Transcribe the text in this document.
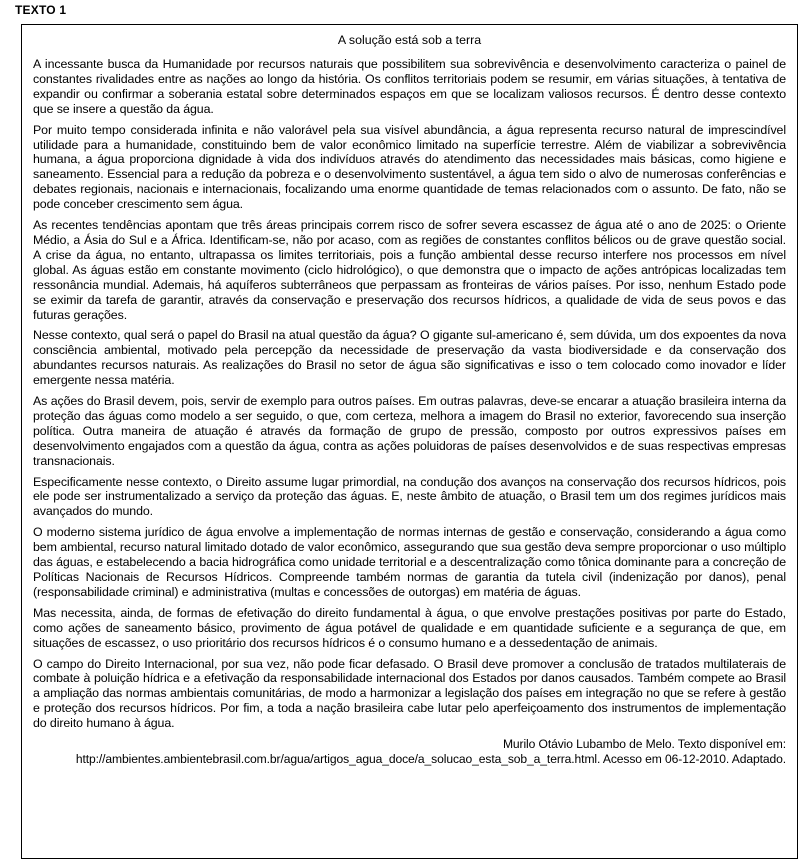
TEXTO 1
A solução está sob a terra

A incessante busca da Humanidade por recursos naturais que possibilitem sua sobrevivência e desenvolvimento caracteriza o painel de constantes rivalidades entre as nações ao longo da história. Os conflitos territoriais podem se resumir, em várias situações, à tentativa de expandir ou confirmar a soberania estatal sobre determinados espaços em que se localizam valiosos recursos. É dentro desse contexto que se insere a questão da água.

Por muito tempo considerada infinita e não valorável pela sua visível abundância, a água representa recurso natural de imprescindível utilidade para a humanidade, constituindo bem de valor econômico limitado na superfície terrestre. Além de viabilizar a sobrevivência humana, a água proporciona dignidade à vida dos indivíduos através do atendimento das necessidades mais básicas, como higiene e saneamento. Essencial para a redução da pobreza e o desenvolvimento sustentável, a água tem sido o alvo de numerosas conferências e debates regionais, nacionais e internacionais, focalizando uma enorme quantidade de temas relacionados com o assunto. De fato, não se pode conceber crescimento sem água.

As recentes tendências apontam que três áreas principais correm risco de sofrer severa escassez de água até o ano de 2025: o Oriente Médio, a Ásia do Sul e a África. Identificam-se, não por acaso, com as regiões de constantes conflitos bélicos ou de grave questão social. A crise da água, no entanto, ultrapassa os limites territoriais, pois a função ambiental desse recurso interfere nos processos em nível global. As águas estão em constante movimento (ciclo hidrológico), o que demonstra que o impacto de ações antrópicas localizadas tem ressonância mundial. Ademais, há aquíferos subterrâneos que perpassam as fronteiras de vários países. Por isso, nenhum Estado pode se eximir da tarefa de garantir, através da conservação e preservação dos recursos hídricos, a qualidade de vida de seus povos e das futuras gerações.

Nesse contexto, qual será o papel do Brasil na atual questão da água? O gigante sul-americano é, sem dúvida, um dos expoentes da nova consciência ambiental, motivado pela percepção da necessidade de preservação da vasta biodiversidade e da conservação dos abundantes recursos naturais. As realizações do Brasil no setor de água são significativas e isso o tem colocado como inovador e líder emergente nessa matéria.

As ações do Brasil devem, pois, servir de exemplo para outros países. Em outras palavras, deve-se encarar a atuação brasileira interna da proteção das águas como modelo a ser seguido, o que, com certeza, melhora a imagem do Brasil no exterior, favorecendo sua inserção política. Outra maneira de atuação é através da formação de grupo de pressão, composto por outros expressivos países em desenvolvimento engajados com a questão da água, contra as ações poluidoras de países desenvolvidos e de suas respectivas empresas transnacionais.

Especificamente nesse contexto, o Direito assume lugar primordial, na condução dos avanços na conservação dos recursos hídricos, pois ele pode ser instrumentalizado a serviço da proteção das águas. E, neste âmbito de atuação, o Brasil tem um dos regimes jurídicos mais avançados do mundo.

O moderno sistema jurídico de água envolve a implementação de normas internas de gestão e conservação, considerando a água como bem ambiental, recurso natural limitado dotado de valor econômico, assegurando que sua gestão deva sempre proporcionar o uso múltiplo das águas, e estabelecendo a bacia hidrográfica como unidade territorial e a descentralização como tônica dominante para a concreção de Políticas Nacionais de Recursos Hídricos. Compreende também normas de garantia da tutela civil (indenização por danos), penal (responsabilidade criminal) e administrativa (multas e concessões de outorgas) em matéria de águas.

Mas necessita, ainda, de formas de efetivação do direito fundamental à água, o que envolve prestações positivas por parte do Estado, como ações de saneamento básico, provimento de água potável de qualidade e em quantidade suficiente e a segurança de que, em situações de escassez, o uso prioritário dos recursos hídricos é o consumo humano e a dessedentação de animais.

O campo do Direito Internacional, por sua vez, não pode ficar defasado. O Brasil deve promover a conclusão de tratados multilaterais de combate à poluição hídrica e a efetivação da responsabilidade internacional dos Estados por danos causados. Também compete ao Brasil a ampliação das normas ambientais comunitárias, de modo a harmonizar a legislação dos países em integração no que se refere à gestão e proteção dos recursos hídricos. Por fim, a toda a nação brasileira cabe lutar pelo aperfeiçoamento dos instrumentos de implementação do direito humano à água.

Murilo Otávio Lubambo de Melo. Texto disponível em:
http://ambientes.ambientebrasil.com.br/agua/artigos_agua_doce/a_solucao_esta_sob_a_terra.html. Acesso em 06-12-2010. Adaptado.
